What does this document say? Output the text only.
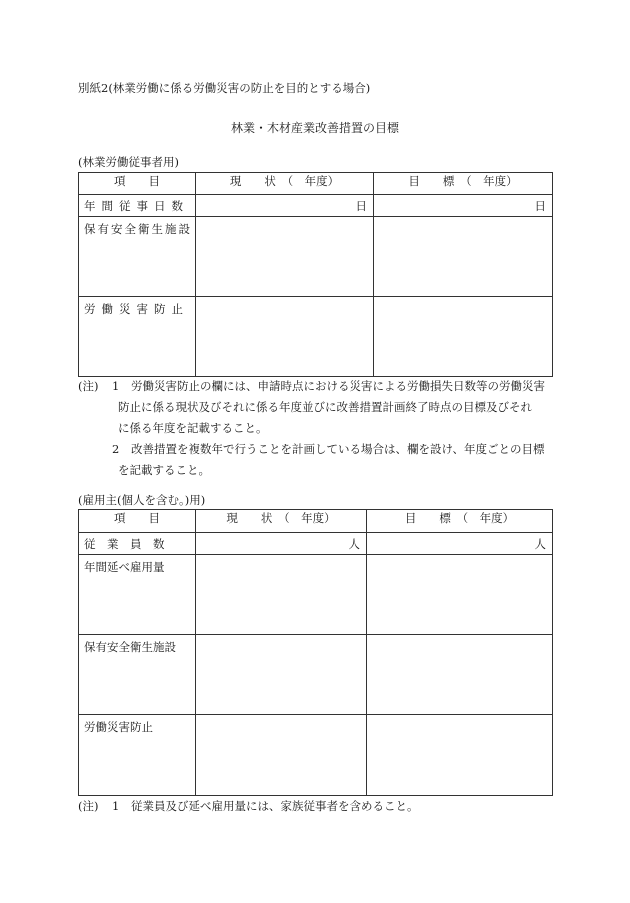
別紙2(林業労働に係る労働災害の防止を目的とする場合)
林業・木材産業改善措置の目標
(林業労働従事者用)
項　　目	現　　状　（　年度）	目　　標　（　年度）
年間従事日数	日	日
保有安全衛生施設		
労働災害防止		
(注) 1 労働災害防止の欄には、申請時点における災害による労働損失日数等の労働災害
防止に係る現状及びそれに係る年度並びに改善措置計画終了時点の目標及びそれ
に係る年度を記載すること。
2 改善措置を複数年で行うことを計画している場合は、欄を設け、年度ごとの目標
を記載すること。
(雇用主(個人を含む。)用)
項　　目	現　　状　（　年度）	目　　標　（　年度）
従　業　員　数	人	人
年間延べ雇用量		
保有安全衛生施設		
労働災害防止		
(注) 1 従業員及び延べ雇用量には、家族従事者を含めること。
